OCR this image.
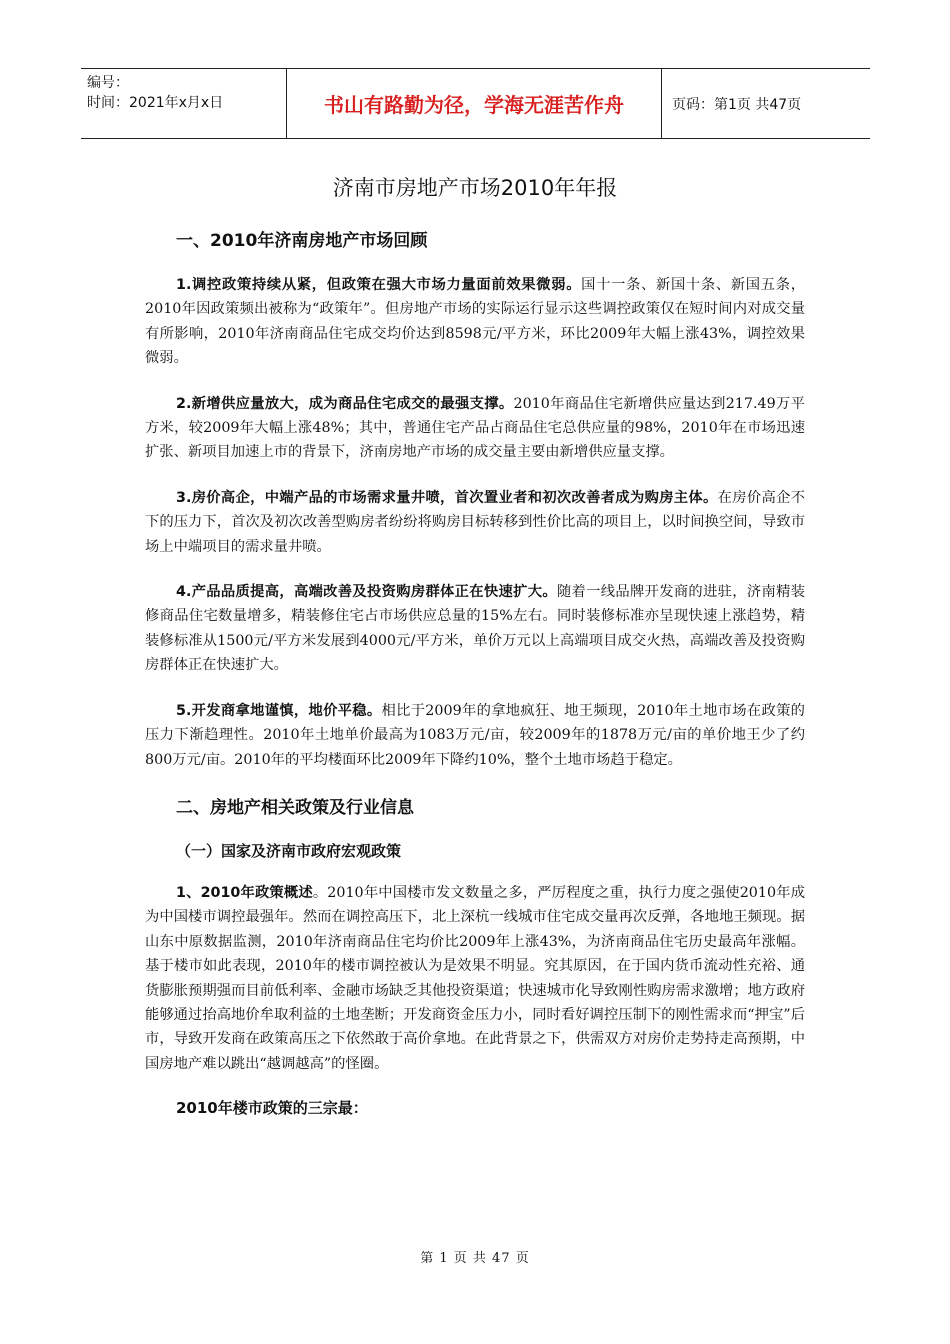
编号：
时间：2021年x月x日	书山有路勤为径，学海无涯苦作舟	页码：第1页 共47页
济南市房地产市场2010年年报
一、2010年济南房地产市场回顾

1.调控政策持续从紧，但政策在强大市场力量面前效果微弱。国十一条、新国十条、新国五条，2010年因政策频出被称为“政策年”。但房地产市场的实际运行显示这些调控政策仅在短时间内对成交量有所影响，2010年济南商品住宅成交均价达到8598元/平方米，环比2009年大幅上涨43%，调控效果微弱。

2.新增供应量放大，成为商品住宅成交的最强支撑。2010年商品住宅新增供应量达到217.49万平方米，较2009年大幅上涨48%；其中，普通住宅产品占商品住宅总供应量的98%，2010年在市场迅速扩张、新项目加速上市的背景下，济南房地产市场的成交量主要由新增供应量支撑。

3.房价高企，中端产品的市场需求量井喷，首次置业者和初次改善者成为购房主体。在房价高企不下的压力下，首次及初次改善型购房者纷纷将购房目标转移到性价比高的项目上，以时间换空间，导致市场上中端项目的需求量井喷。

4.产品品质提高，高端改善及投资购房群体正在快速扩大。随着一线品牌开发商的进驻，济南精装修商品住宅数量增多，精装修住宅占市场供应总量的15%左右。同时装修标准亦呈现快速上涨趋势，精装修标准从1500元/平方米发展到4000元/平方米，单价万元以上高端项目成交火热，高端改善及投资购房群体正在快速扩大。

5.开发商拿地谨慎，地价平稳。相比于2009年的拿地疯狂、地王频现，2010年土地市场在政策的压力下渐趋理性。2010年土地单价最高为1083万元/亩，较2009年的1878万元/亩的单价地王少了约800万元/亩。2010年的平均楼面环比2009年下降约10%，整个土地市场趋于稳定。

二、房地产相关政策及行业信息
（一）国家及济南市政府宏观政策

1、2010年政策概述。2010年中国楼市发文数量之多，严厉程度之重，执行力度之强使2010年成为中国楼市调控最强年。然而在调控高压下，北上深杭一线城市住宅成交量再次反弹，各地地王频现。据山东中原数据监测，2010年济南商品住宅均价比2009年上涨43%，为济南商品住宅历史最高年涨幅。基于楼市如此表现，2010年的楼市调控被认为是效果不明显。究其原因，在于国内货币流动性充裕、通货膨胀预期强而目前低利率、金融市场缺乏其他投资渠道；快速城市化导致刚性购房需求激增；地方政府能够通过抬高地价牟取利益的土地垄断；开发商资金压力小，同时看好调控压制下的刚性需求而“押宝”后市，导致开发商在政策高压之下依然敢于高价拿地。在此背景之下，供需双方对房价走势持走高预期，中国房地产难以跳出“越调越高”的怪圈。

2010年楼市政策的三宗最：
第 1 页 共 47 页
